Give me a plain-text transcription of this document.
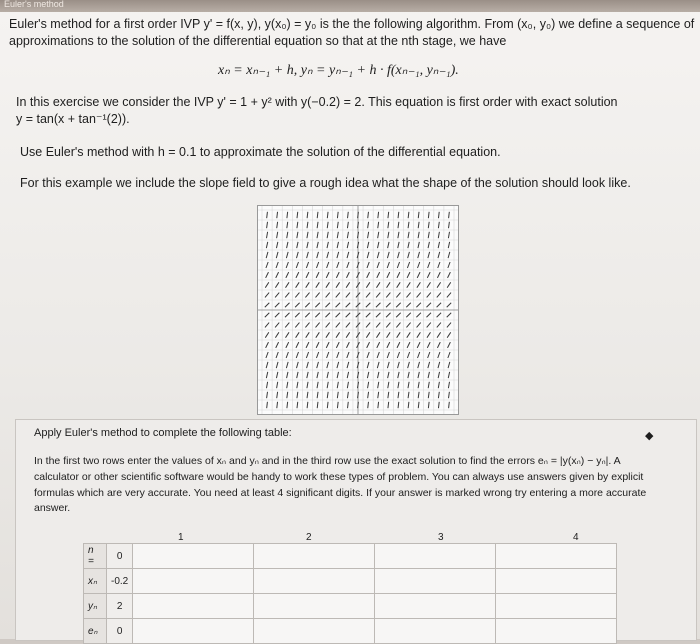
Euler's method
Euler's method for a first order IVP y' = f(x, y), y(x₀) = y₀ is the the following algorithm. From (x₀, y₀) we define a sequence of
approximations to the solution of the differential equation so that at the nth stage, we have
xₙ = xₙ₋₁ + h, yₙ = yₙ₋₁ + h · f(xₙ₋₁, yₙ₋₁).
In this exercise we consider the IVP y' = 1 + y² with y(−0.2) = 2. This equation is first order with exact solution
y = tan(x + tan⁻¹(2)).
Use Euler's method with h = 0.1 to approximate the solution of the differential equation.
For this example we include the slope field to give a rough idea what the shape of the solution should look like.
Apply Euler's method to complete the following table:	◆
In the first two rows enter the values of xₙ and yₙ and in the third row use the exact solution to find the errors eₙ = |y(xₙ) − yₙ|. A
calculator or other scientific software would be handy to work these types of problem. You can always use answers given by explicit
formulas which are very accurate. You need at least 4 significant digits. If your answer is marked wrong try entering a more accurate
answer.
1	2	3	4
n =	0				
xₙ	-0.2				
yₙ	2				
eₙ	0				
